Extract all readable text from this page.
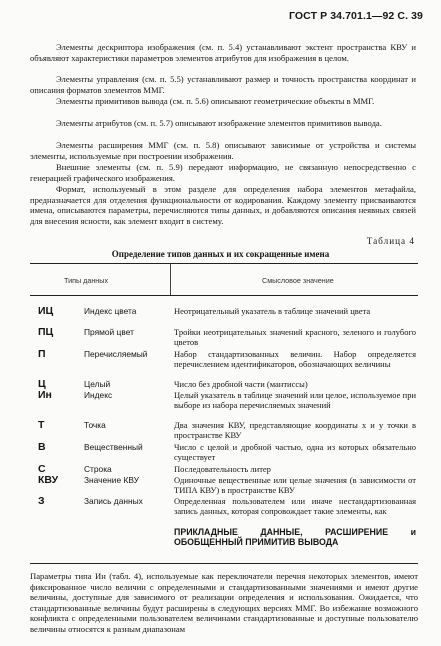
ГОСТ Р 34.701.1—92 С. 39

Элементы дескриптора изображения (см. п. 5.4) устанавливают экстент пространства КВУ и объявляют характеристики параметров элементов атрибутов для изображения в целом.

Элементы управления (см. п. 5.5) устанавливают размер и точность пространства координат и описания форматов элементов ММГ.

Элементы примитивов вывода (см. п. 5.6) описывают геометрические объекты в ММГ.

Элементы атрибутов (см. п. 5.7) описывают изображение элементов примитивов вывода.

Элементы расширения ММГ (см. п. 5.8) описывают зависимые от устройства и системы элементы, используемые при построении изображения.

Внешние элементы (см. п. 5.9) передают информацию, не связанную непосредственно с генерацией графического изображения.

Формат, используемый в этом разделе для определения набора элементов метафайла, предназначается для отделения функциональности от кодирования. Каждому элементу присваиваются имена, описываются параметры, перечисляются типы данных, и добавляются описания неявных связей для внесения ясности, как элемент входит в систему.

Таблица 4
Определение типов данных и их сокращенные имена
Типы данных	Смысловое значение
ИЦ	Индекс цвета	Неотрицательный указатель в таблице значений цвета
ПЦ	Прямой цвет	Тройки неотрицательных значений красного, зеленого и голубого цветов
П	Перечисляемый	Набор стандартизованных величин. Набор определяется перечислением идентификаторов, обозначающих величины
Ц	Целый	Число без дробной части (мантиссы)
Ин	Индекс	Целый указатель в таблице значений или целое, используемое при выборе из набора перечисляемых значений
Т	Точка	Два значения КВУ, представляющие координаты x и y точки в пространстве КВУ
В	Вещественный	Число с целой и дробной частью, одна из которых обязательно существует
С	Строка	Последовательность литер
КВУ	Значение КВУ	Одиночные вещественные или целые значения (в зависимости от ТИПА КВУ) в пространстве КВУ
З	Запись данных	Определенная пользователем или иначе нестандартизованная запись данных, которая сопровождает такие элементы, как
ПРИКЛАДНЫЕ ДАННЫЕ, РАСШИРЕНИЕ и ОБОБЩЕННЫЙ ПРИМИТИВ ВЫВОДА

Параметры типа Ин (табл. 4), используемые как переключатели перечня некоторых элементов, имеют фиксированное число величин с определенными и стандартизованными значениями и имеют другие величины, доступные для зависимого от реализации определения и использования. Ожидается, что стандартизованные величины будут расширены в следующих версиях ММГ. Во избежание возможного конфликта с определенными пользователем величинами стандартизованные и доступные пользователю величины относятся к разным диапазонам
